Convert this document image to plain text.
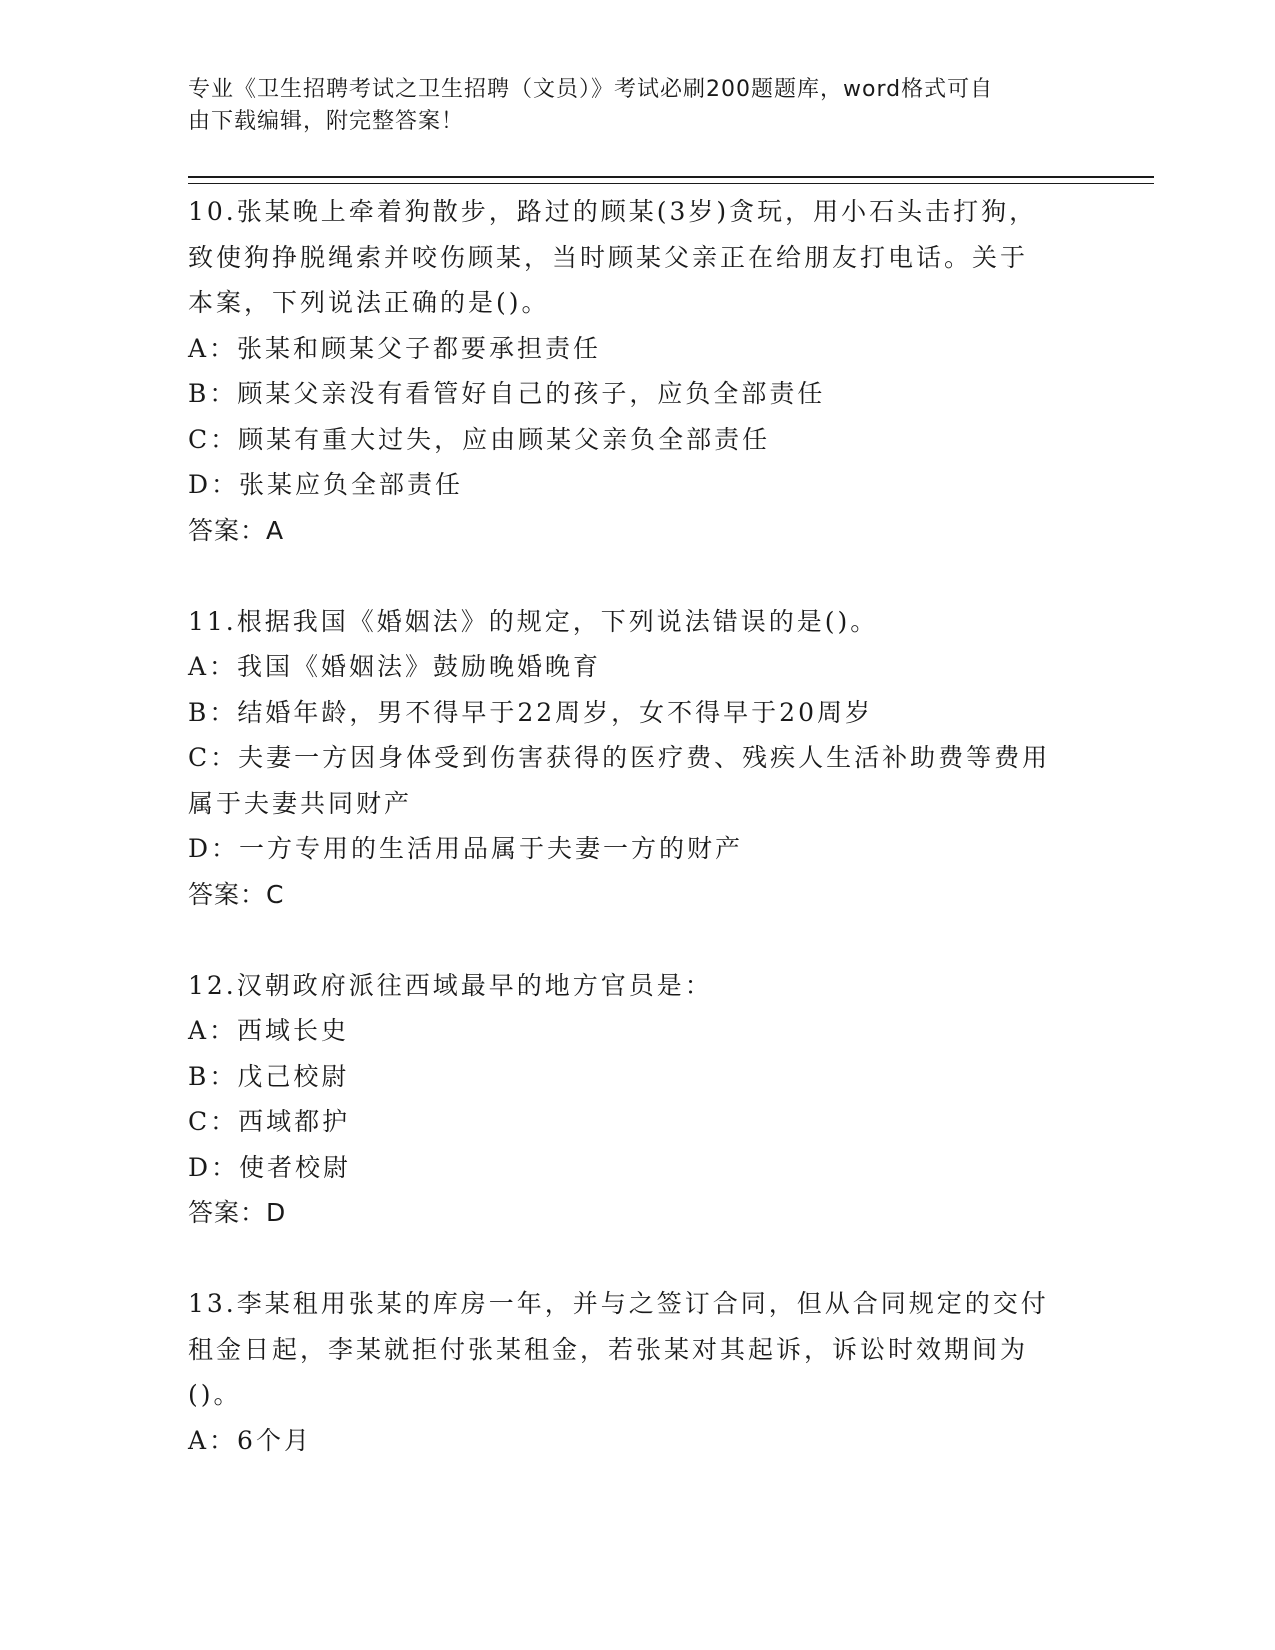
专业《卫生招聘考试之卫生招聘（文员）》考试必刷200题题库，word格式可自
由下载编辑，附完整答案！
10.张某晚上牵着狗散步，路过的顾某(3岁)贪玩，用小石头击打狗，
致使狗挣脱绳索并咬伤顾某，当时顾某父亲正在给朋友打电话。关于
本案，下列说法正确的是()。
A：张某和顾某父子都要承担责任
B：顾某父亲没有看管好自己的孩子，应负全部责任
C：顾某有重大过失，应由顾某父亲负全部责任
D：张某应负全部责任
答案：A
11.根据我国《婚姻法》的规定，下列说法错误的是()。
A：我国《婚姻法》鼓励晚婚晚育
B：结婚年龄，男不得早于22周岁，女不得早于20周岁
C：夫妻一方因身体受到伤害获得的医疗费、残疾人生活补助费等费用
属于夫妻共同财产
D：一方专用的生活用品属于夫妻一方的财产
答案：C
12.汉朝政府派往西域最早的地方官员是：
A：西域长史
B：戊己校尉
C：西域都护
D：使者校尉
答案：D
13.李某租用张某的库房一年，并与之签订合同，但从合同规定的交付
租金日起，李某就拒付张某租金，若张某对其起诉，诉讼时效期间为
()。
A：6个月
